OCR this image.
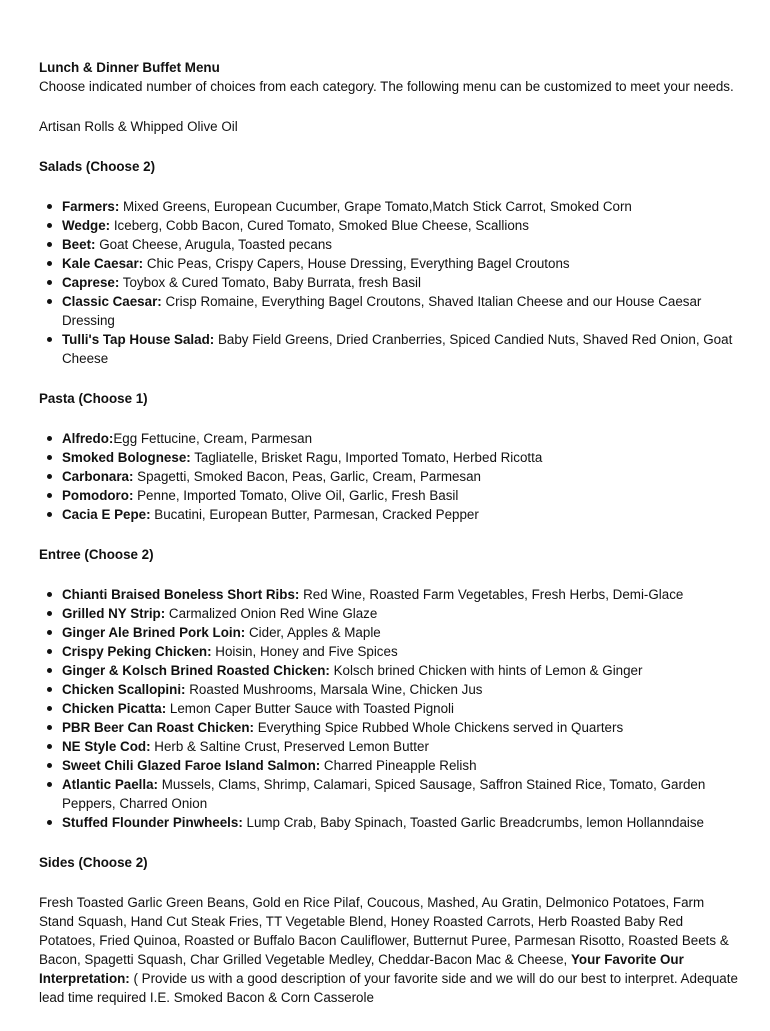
Lunch & Dinner Buffet Menu

Choose indicated number of choices from each category. The following menu can be customized to meet your needs.

Artisan Rolls & Whipped Olive Oil

Salads (Choose 2)

Farmers: Mixed Greens, European Cucumber, Grape Tomato,Match Stick Carrot, Smoked Corn
Wedge: Iceberg, Cobb Bacon, Cured Tomato, Smoked Blue Cheese, Scallions
Beet: Goat Cheese, Arugula, Toasted pecans
Kale Caesar: Chic Peas, Crispy Capers, House Dressing, Everything Bagel Croutons
Caprese: Toybox & Cured Tomato, Baby Burrata, fresh Basil
Classic Caesar: Crisp Romaine, Everything Bagel Croutons, Shaved Italian Cheese and our House Caesar Dressing
Tulli's Tap House Salad: Baby Field Greens, Dried Cranberries, Spiced Candied Nuts, Shaved Red Onion, Goat Cheese

Pasta (Choose 1)

Alfredo:Egg Fettucine, Cream, Parmesan
Smoked Bolognese: Tagliatelle, Brisket Ragu, Imported Tomato, Herbed Ricotta
Carbonara: Spagetti, Smoked Bacon, Peas, Garlic, Cream, Parmesan
Pomodoro: Penne, Imported Tomato, Olive Oil, Garlic, Fresh Basil
Cacia E Pepe: Bucatini, European Butter, Parmesan, Cracked Pepper

Entree (Choose 2)

Chianti Braised Boneless Short Ribs: Red Wine, Roasted Farm Vegetables, Fresh Herbs, Demi-Glace
Grilled NY Strip: Carmalized Onion Red Wine Glaze
Ginger Ale Brined Pork Loin: Cider, Apples & Maple
Crispy Peking Chicken: Hoisin, Honey and Five Spices
Ginger & Kolsch Brined Roasted Chicken: Kolsch brined Chicken with hints of Lemon & Ginger
Chicken Scallopini: Roasted Mushrooms, Marsala Wine, Chicken Jus
Chicken Picatta: Lemon Caper Butter Sauce with Toasted Pignoli
PBR Beer Can Roast Chicken: Everything Spice Rubbed Whole Chickens served in Quarters
NE Style Cod: Herb & Saltine Crust, Preserved Lemon Butter
Sweet Chili Glazed Faroe Island Salmon: Charred Pineapple Relish
Atlantic Paella: Mussels, Clams, Shrimp, Calamari, Spiced Sausage, Saffron Stained Rice, Tomato, Garden Peppers, Charred Onion
Stuffed Flounder Pinwheels: Lump Crab, Baby Spinach, Toasted Garlic Breadcrumbs, lemon Hollanndaise

Sides (Choose 2)

Fresh Toasted Garlic Green Beans, Gold en Rice Pilaf, Coucous, Mashed, Au Gratin, Delmonico Potatoes, Farm Stand Squash, Hand Cut Steak Fries, TT Vegetable Blend, Honey Roasted Carrots, Herb Roasted Baby Red Potatoes, Fried Quinoa, Roasted or Buffalo Bacon Cauliflower, Butternut Puree, Parmesan Risotto, Roasted Beets & Bacon, Spagetti Squash, Char Grilled Vegetable Medley, Cheddar-Bacon Mac & Cheese, Your Favorite Our Interpretation: ( Provide us with a good description of your favorite side and we will do our best to interpret. Adequate lead time required I.E. Smoked Bacon & Corn Casserole
